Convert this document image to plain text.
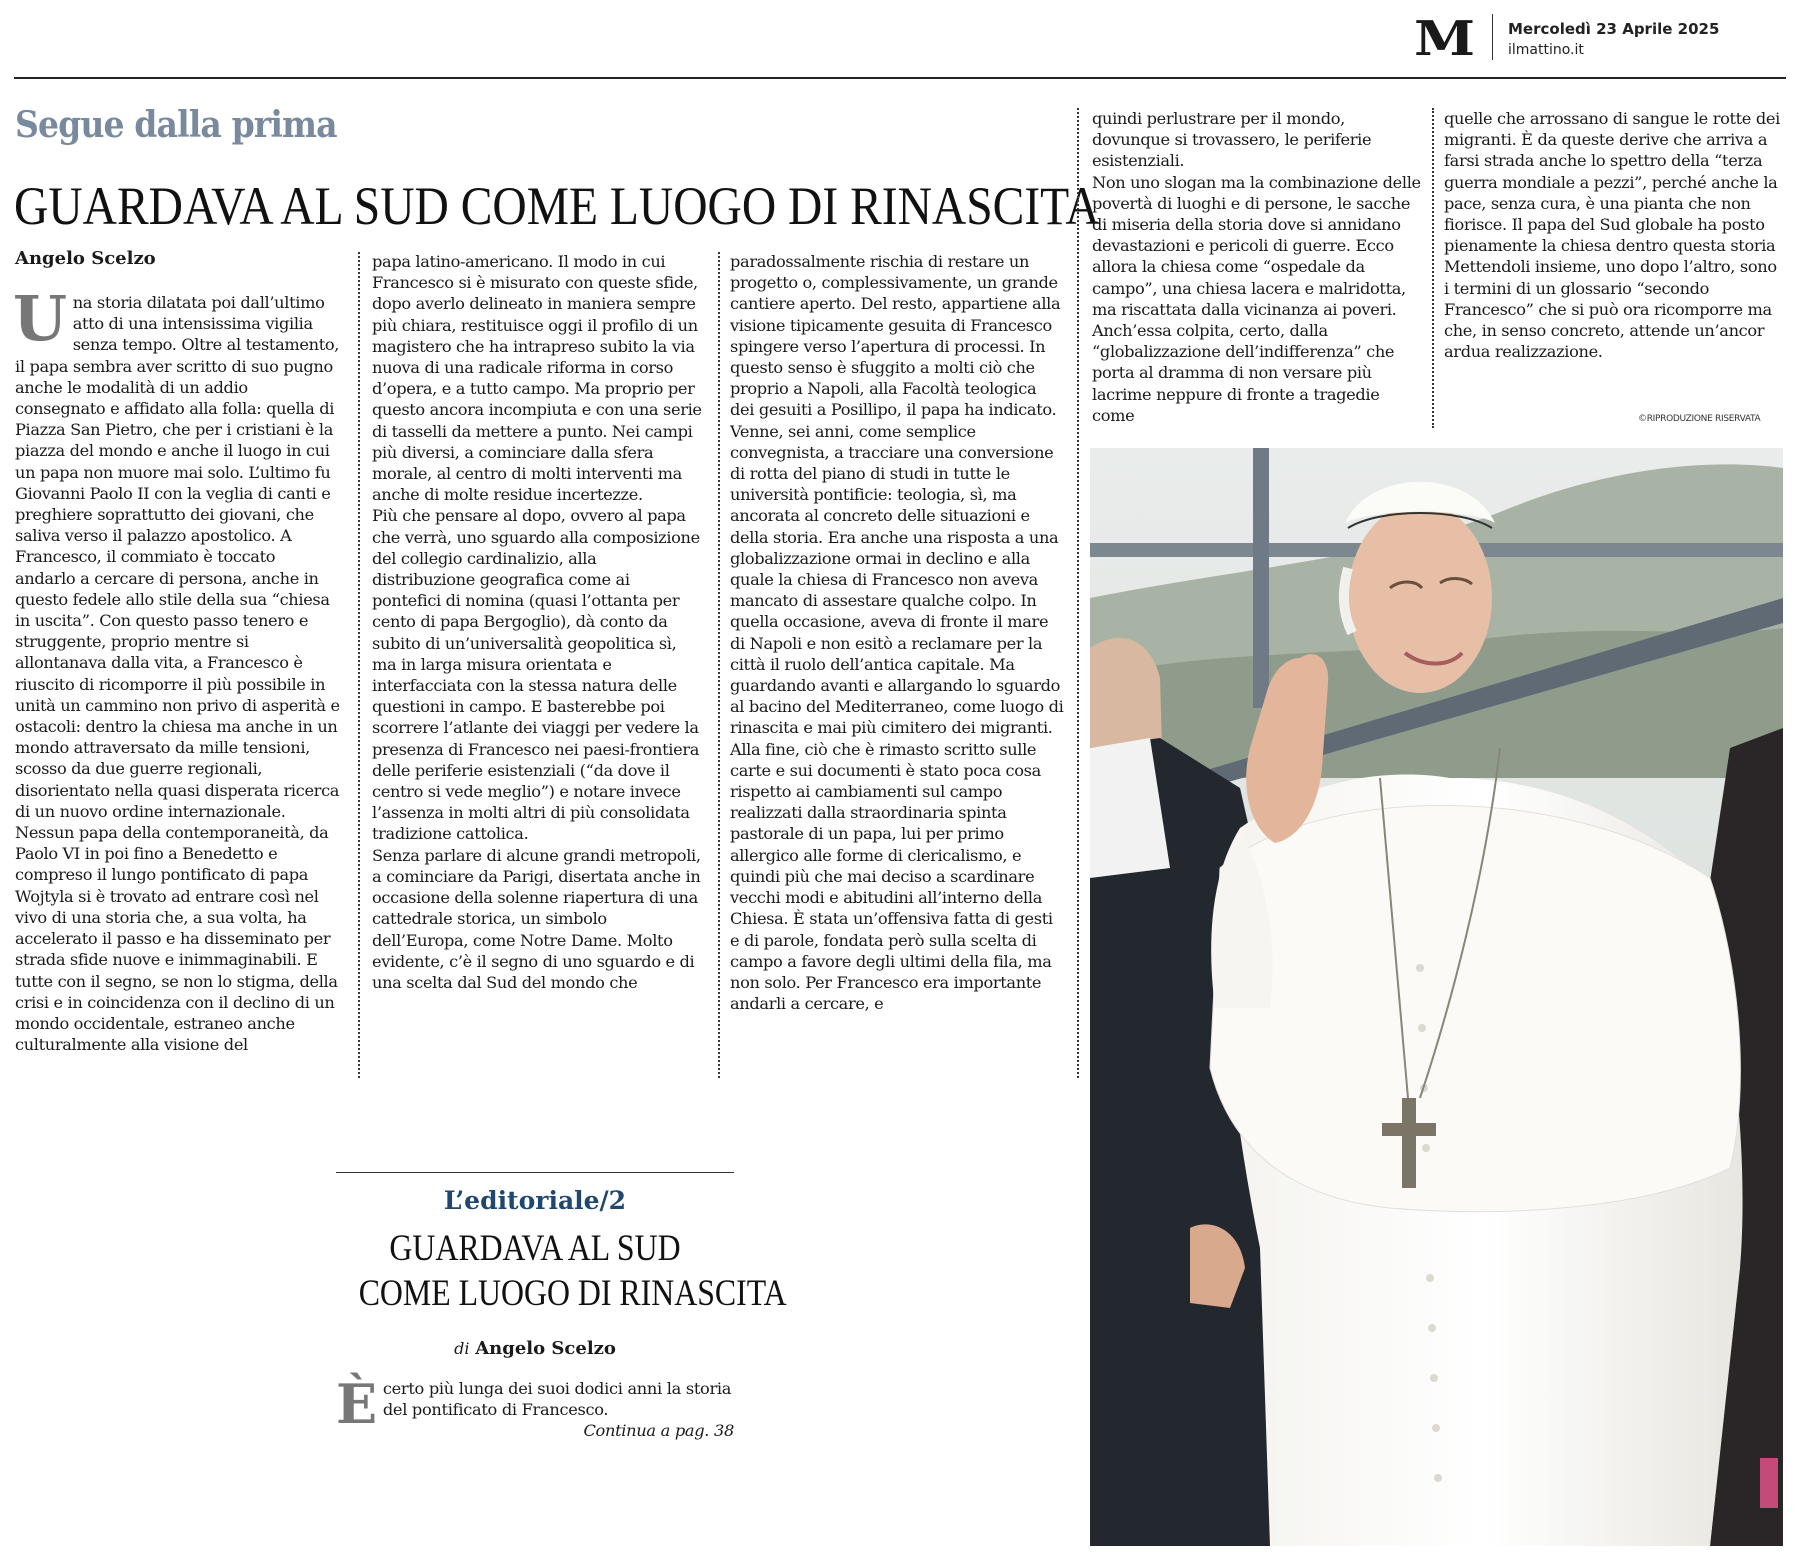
M Mercoledì 23 Aprile 2025
ilmattino.it
Segue dalla prima
GUARDAVA AL SUD COME LUOGO DI RINASCITA
Angelo Scelzo

Una storia dilatata poi dall’ultimo atto di una intensissima vigilia senza tempo. Oltre al testamento, il papa sembra aver scritto di suo pugno anche le modalità di un addio consegnato e affidato alla folla: quella di Piazza San Pietro, che per i cristiani è la piazza del mondo e anche il luogo in cui un papa non muore mai solo. L’ultimo fu Giovanni Paolo II con la veglia di canti e preghiere soprattutto dei giovani, che saliva verso il palazzo apostolico. A Francesco, il commiato è toccato andarlo a cercare di persona, anche in questo fedele allo stile della sua “chiesa in uscita”. Con questo passo tenero e struggente, proprio mentre si allontanava dalla vita, a Francesco è riuscito di ricomporre il più possibile in unità un cammino non privo di asperità e ostacoli: dentro la chiesa ma anche in un mondo attraversato da mille tensioni, scosso da due guerre regionali, disorientato nella quasi disperata ricerca di un nuovo ordine internazionale. Nessun papa della contemporaneità, da Paolo VI in poi fino a Benedetto e compreso il lungo pontificato di papa Wojtyla si è trovato ad entrare così nel vivo di una storia che, a sua volta, ha accelerato il passo e ha disseminato per strada sfide nuove e inimmaginabili. E tutte con il segno, se non lo stigma, della crisi e in coincidenza con il declino di un mondo occidentale, estraneo anche culturalmente alla visione del

papa latino-americano. Il modo in cui Francesco si è misurato con queste sfide, dopo averlo delineato in maniera sempre più chiara, restituisce oggi il profilo di un magistero che ha intrapreso subito la via nuova di una radicale riforma in corso d’opera, e a tutto campo. Ma proprio per questo ancora incompiuta e con una serie di tasselli da mettere a punto. Nei campi più diversi, a cominciare dalla sfera morale, al centro di molti interventi ma anche di molte residue incertezze.

Più che pensare al dopo, ovvero al papa che verrà, uno sguardo alla composizione del collegio cardinalizio, alla distribuzione geografica come ai pontefici di nomina (quasi l’ottanta per cento di papa Bergoglio), dà conto da subito di un’universalità geopolitica sì, ma in larga misura orientata e interfacciata con la stessa natura delle questioni in campo. E basterebbe poi scorrere l’atlante dei viaggi per vedere la presenza di Francesco nei paesi-frontiera delle periferie esistenziali (“da dove il centro si vede meglio”) e notare invece l’assenza in molti altri di più consolidata tradizione cattolica.

Senza parlare di alcune grandi metropoli, a cominciare da Parigi, disertata anche in occasione della solenne riapertura di una cattedrale storica, un simbolo dell’Europa, come Notre Dame. Molto evidente, c’è il segno di uno sguardo e di una scelta dal Sud del mondo che

paradossalmente rischia di restare un progetto o, complessivamente, un grande cantiere aperto. Del resto, appartiene alla visione tipicamente gesuita di Francesco spingere verso l’apertura di processi. In questo senso è sfuggito a molti ciò che proprio a Napoli, alla Facoltà teologica dei gesuiti a Posillipo, il papa ha indicato. Venne, sei anni, come semplice convegnista, a tracciare una conversione di rotta del piano di studi in tutte le università pontificie: teologia, sì, ma ancorata al concreto delle situazioni e della storia. Era anche una risposta a una globalizzazione ormai in declino e alla quale la chiesa di Francesco non aveva mancato di assestare qualche colpo. In quella occasione, aveva di fronte il mare di Napoli e non esitò a reclamare per la città il ruolo dell’antica capitale. Ma guardando avanti e allargando lo sguardo al bacino del Mediterraneo, come luogo di rinascita e mai più cimitero dei migranti.

Alla fine, ciò che è rimasto scritto sulle carte e sui documenti è stato poca cosa rispetto ai cambiamenti sul campo realizzati dalla straordinaria spinta pastorale di un papa, lui per primo allergico alle forme di clericalismo, e quindi più che mai deciso a scardinare vecchi modi e abitudini all’interno della Chiesa. È stata un’offensiva fatta di gesti e di parole, fondata però sulla scelta di campo a favore degli ultimi della fila, ma non solo. Per Francesco era importante andarli a cercare, e

quindi perlustrare per il mondo, dovunque si trovassero, le periferie esistenziali.

Non uno slogan ma la combinazione delle povertà di luoghi e di persone, le sacche di miseria della storia dove si annidano devastazioni e pericoli di guerre. Ecco allora la chiesa come “ospedale da campo”, una chiesa lacera e malridotta, ma riscattata dalla vicinanza ai poveri. Anch’essa colpita, certo, dalla “globalizzazione dell’indifferenza” che porta al dramma di non versare più lacrime neppure di fronte a tragedie come

quelle che arrossano di sangue le rotte dei migranti. È da queste derive che arriva a farsi strada anche lo spettro della “terza guerra mondiale a pezzi”, perché anche la pace, senza cura, è una pianta che non fiorisce. Il papa del Sud globale ha posto pienamente la chiesa dentro questa storia Mettendoli insieme, uno dopo l’altro, sono i termini di un glossario “secondo Francesco” che si può ora ricomporre ma che, in senso concreto, attende un’ancor ardua realizzazione.

©RIPRODUZIONE RISERVATA
L’editoriale/2
GUARDAVA AL SUD
COME LUOGO DI RINASCITA
di Angelo Scelzo
È certo più lunga dei suoi dodici anni la storia del pontificato di Francesco.
Continua a pag. 38
